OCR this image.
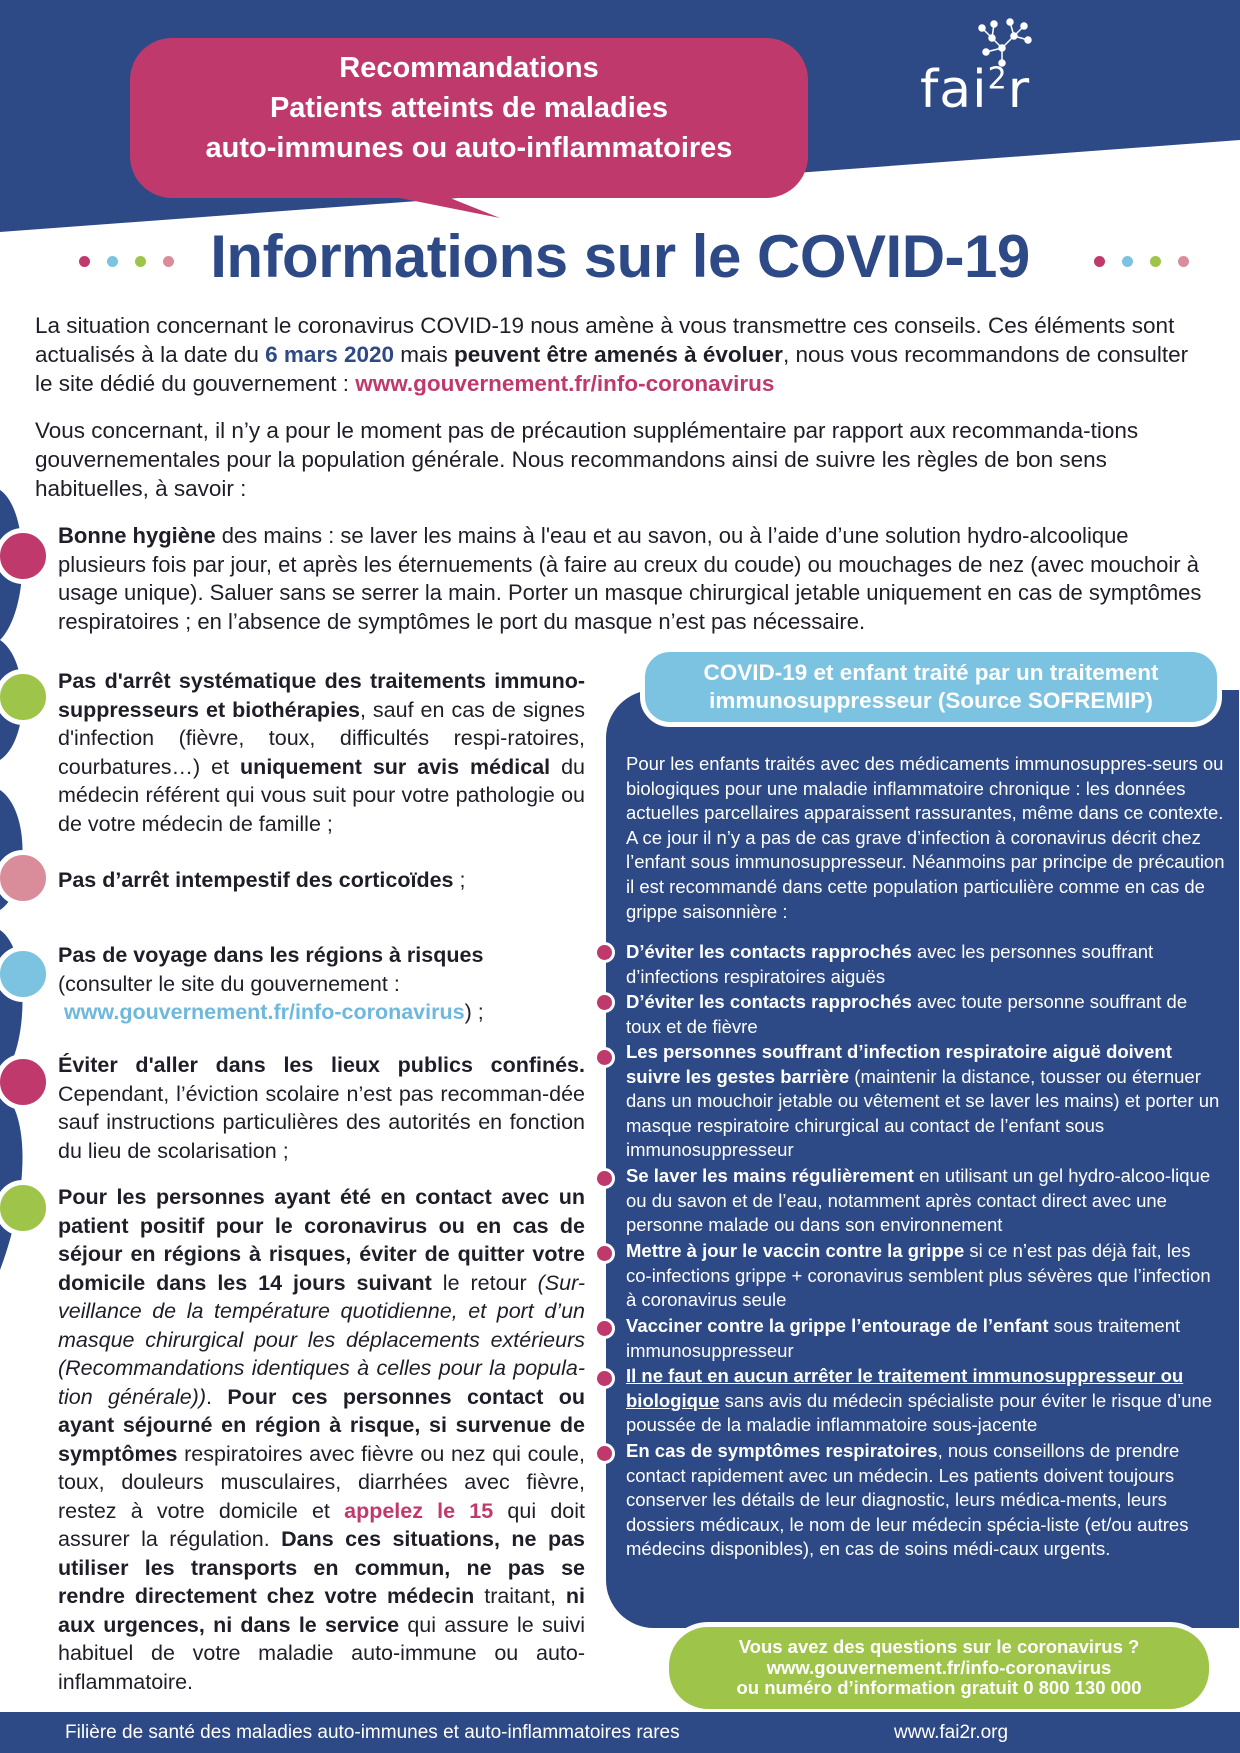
Recommandations
Patients atteints de maladies
auto-immunes ou auto-inflammatoires
fai$^2$r
Informations sur le COVID-19

La situation concernant le coronavirus COVID-19 nous amène à vous transmettre ces conseils. Ces éléments sont actualisés à la date du 6 mars 2020 mais peuvent être amenés à évoluer, nous vous recommandons de consulter le site dédié du gouvernement : www.gouvernement.fr/info-coronavirus

Vous concernant, il n’y a pour le moment pas de précaution supplémentaire par rapport aux recommanda-tions gouvernementales pour la population générale. Nous recommandons ainsi de suivre les règles de bon sens habituelles, à savoir :

Bonne hygiène des mains : se laver les mains à l'eau et au savon, ou à l’aide d’une solution hydro-alcoolique plusieurs fois par jour, et après les éternuements (à faire au creux du coude) ou mouchages de nez (avec mouchoir à usage unique). Saluer sans se serrer la main. Porter un masque chirurgical jetable uniquement en cas de symptômes respiratoires ; en l’absence de symptômes le port du masque n’est pas nécessaire.

Pas d'arrêt systématique des traitements immuno-suppresseurs et biothérapies, sauf en cas de signes d'infection (fièvre, toux, difficultés respi-ratoires, courbatures…) et uniquement sur avis médical du médecin référent qui vous suit pour votre pathologie ou de votre médecin de famille ;

Pas d’arrêt intempestif des corticoïdes ;

Pas de voyage dans les régions à risques
(consulter le site du gouvernement :
www.gouvernement.fr/info-coronavirus) ;

Éviter d'aller dans les lieux publics confinés. Cependant, l’éviction scolaire n’est pas recomman-dée sauf instructions particulières des autorités en fonction du lieu de scolarisation ;

Pour les personnes ayant été en contact avec un patient positif pour le coronavirus ou en cas de séjour en régions à risques, éviter de quitter votre domicile dans les 14 jours suivant le retour (Sur-veillance de la température quotidienne, et port d’un masque chirurgical pour les déplacements extérieurs (Recommandations identiques à celles pour la popula-tion générale)). Pour ces personnes contact ou ayant séjourné en région à risque, si survenue de symptômes respiratoires avec fièvre ou nez qui coule, toux, douleurs musculaires, diarrhées avec fièvre, restez à votre domicile et appelez le 15 qui doit assurer la régulation. Dans ces situations, ne pas utiliser les transports en commun, ne pas se rendre directement chez votre médecin traitant, ni aux urgences, ni dans le service qui assure le suivi habituel de votre maladie auto-immune ou auto-inflammatoire.

COVID-19 et enfant traité par un traitement
immunosuppresseur (Source SOFREMIP)

Pour les enfants traités avec des médicaments immunosuppres-seurs ou biologiques pour une maladie inflammatoire chronique : les données actuelles parcellaires apparaissent rassurantes, même dans ce contexte. A ce jour il n’y a pas de cas grave d’infection à coronavirus décrit chez l’enfant sous immunosuppresseur. Néanmoins par principe de précaution il est recommandé dans cette population particulière comme en cas de grippe saisonnière :

D’éviter les contacts rapprochés avec les personnes souffrant d’infections respiratoires aiguës

D’éviter les contacts rapprochés avec toute personne souffrant de toux et de fièvre

Les personnes souffrant d’infection respiratoire aiguë doivent suivre les gestes barrière (maintenir la distance, tousser ou éternuer dans un mouchoir jetable ou vêtement et se laver les mains) et porter un masque respiratoire chirurgical au contact de l’enfant sous immunosuppresseur

Se laver les mains régulièrement en utilisant un gel hydro-alcoo-lique ou du savon et de l’eau, notamment après contact direct avec une personne malade ou dans son environnement

Mettre à jour le vaccin contre la grippe si ce n’est pas déjà fait, les co-infections grippe + coronavirus semblent plus sévères que l’infection à coronavirus seule

Vacciner contre la grippe l’entourage de l’enfant sous traitement immunosuppresseur

Il ne faut en aucun arrêter le traitement immunosuppresseur ou biologique sans avis du médecin spécialiste pour éviter le risque d’une poussée de la maladie inflammatoire sous-jacente

En cas de symptômes respiratoires, nous conseillons de prendre contact rapidement avec un médecin. Les patients doivent toujours conserver les détails de leur diagnostic, leurs médica-ments, leurs dossiers médicaux, le nom de leur médecin spécia-liste (et/ou autres médecins disponibles), en cas de soins médi-caux urgents.

Vous avez des questions sur le coronavirus ?
www.gouvernement.fr/info-coronavirus
ou numéro d’information gratuit 0 800 130 000
Filière de santé des maladies auto-immunes et auto-inflammatoires rares	www.fai2r.org
